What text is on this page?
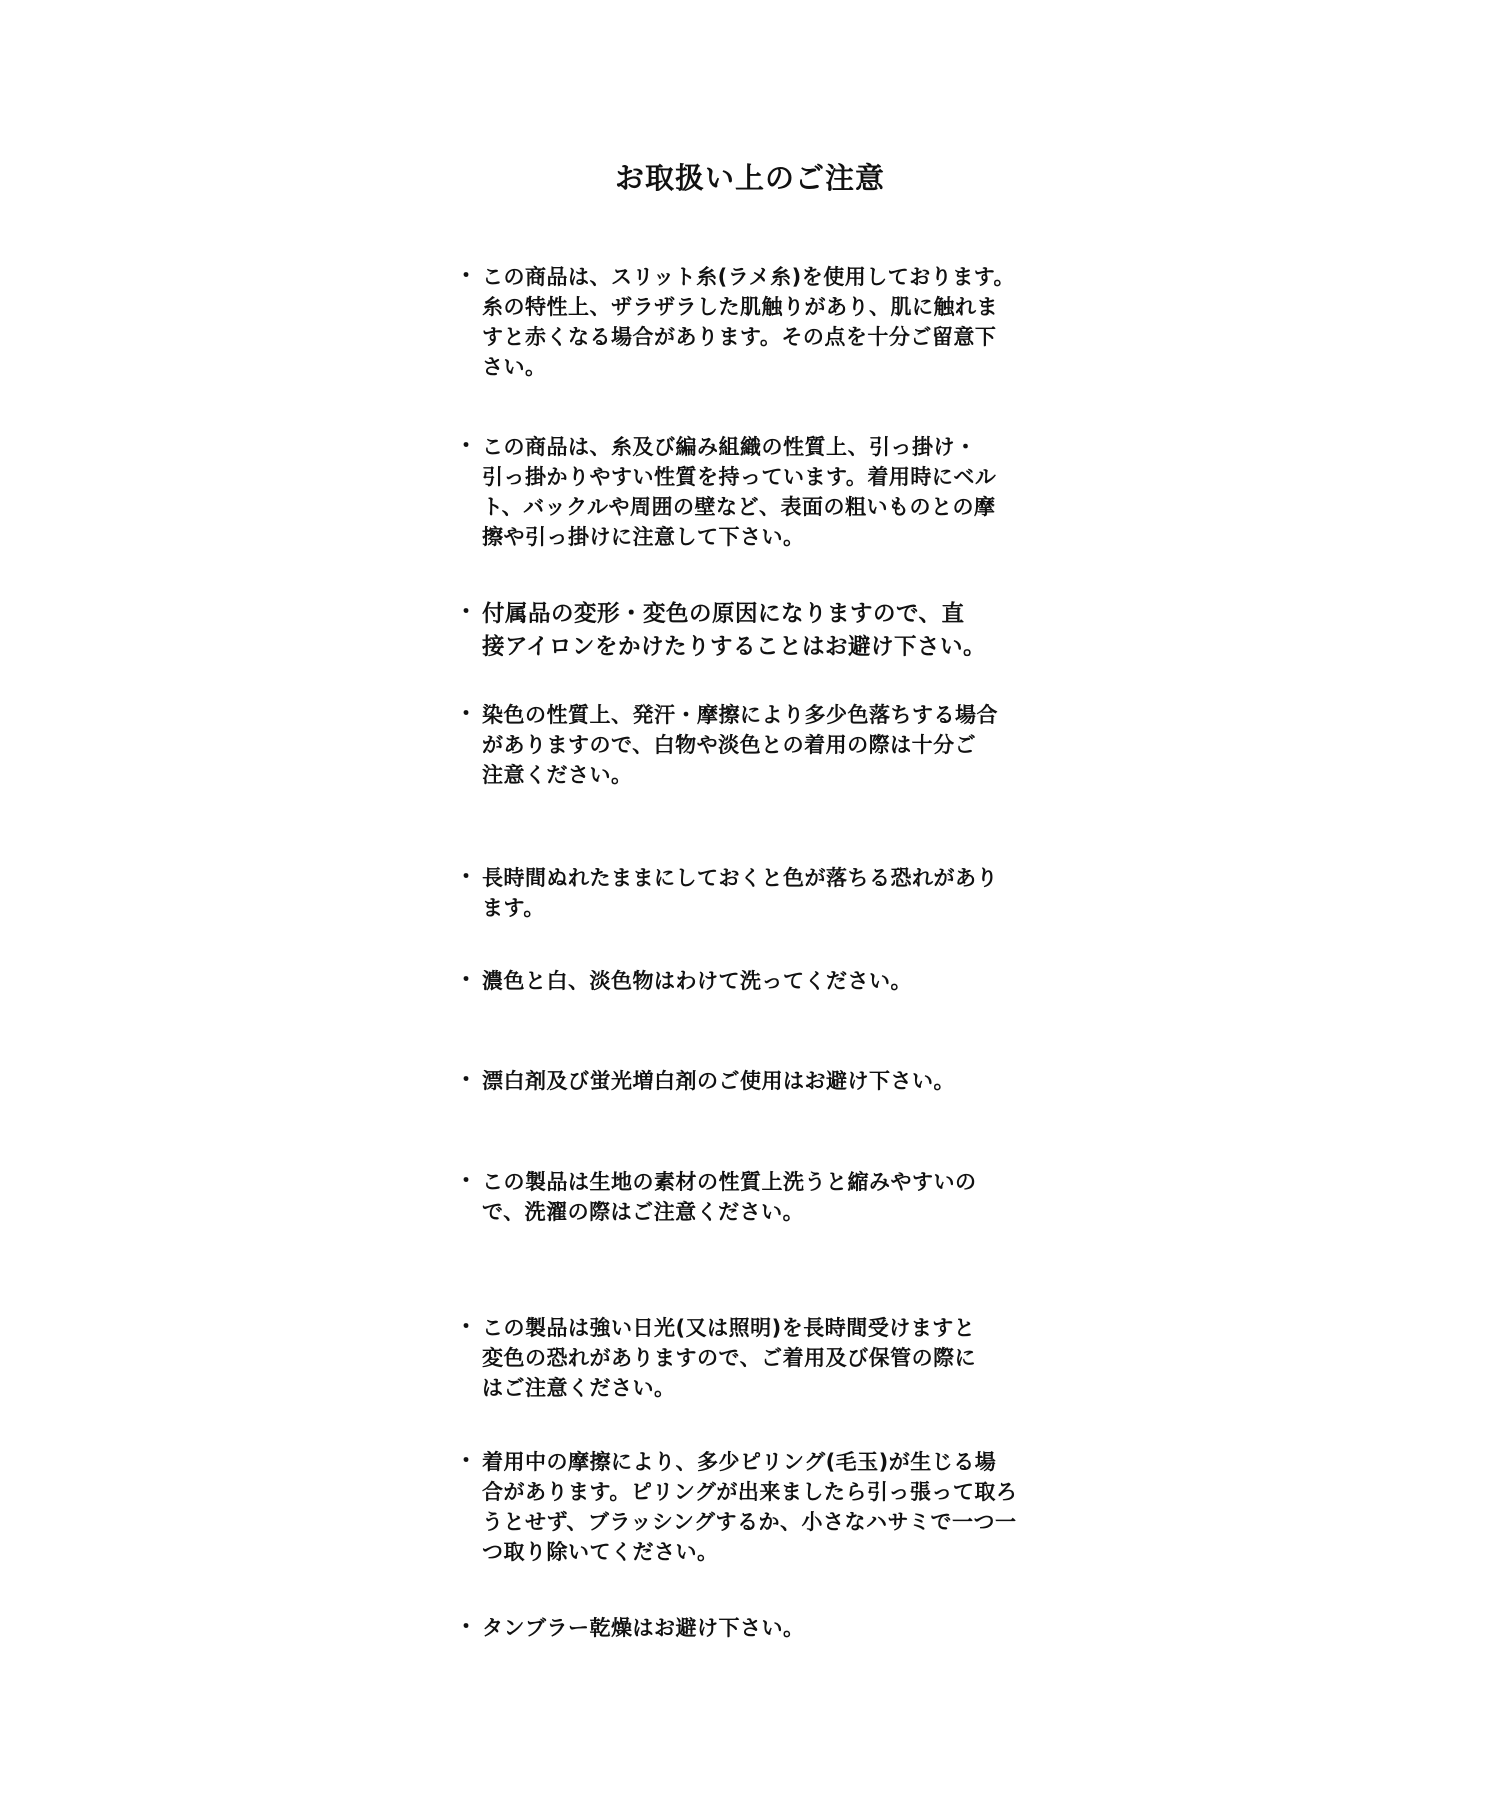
お取扱い上のご注意
・ この商品は、スリット糸(ラメ糸)を使用しております。
糸の特性上、ザラザラした肌触りがあり、肌に触れま
すと赤くなる場合があります。その点を十分ご留意下
さい。
・ この商品は、糸及び編み組織の性質上、引っ掛け・
引っ掛かりやすい性質を持っています。着用時にベル
ト、バックルや周囲の壁など、表面の粗いものとの摩
擦や引っ掛けに注意して下さい。
・ 付属品の変形・変色の原因になりますので、直
接アイロンをかけたりすることはお避け下さい。
・ 染色の性質上、発汗・摩擦により多少色落ちする場合
がありますので、白物や淡色との着用の際は十分ご
注意ください。
・ 長時間ぬれたままにしておくと色が落ちる恐れがあり
ます。
・ 濃色と白、淡色物はわけて洗ってください。
・ 漂白剤及び蛍光増白剤のご使用はお避け下さい。
・ この製品は生地の素材の性質上洗うと縮みやすいの
で、洗濯の際はご注意ください。
・ この製品は強い日光(又は照明)を長時間受けますと
変色の恐れがありますので、ご着用及び保管の際に
はご注意ください。
・ 着用中の摩擦により、多少ピリング(毛玉)が生じる場
合があります。ピリングが出来ましたら引っ張って取ろ
うとせず、ブラッシングするか、小さなハサミで一つ一
つ取り除いてください。
・ タンブラー乾燥はお避け下さい。
